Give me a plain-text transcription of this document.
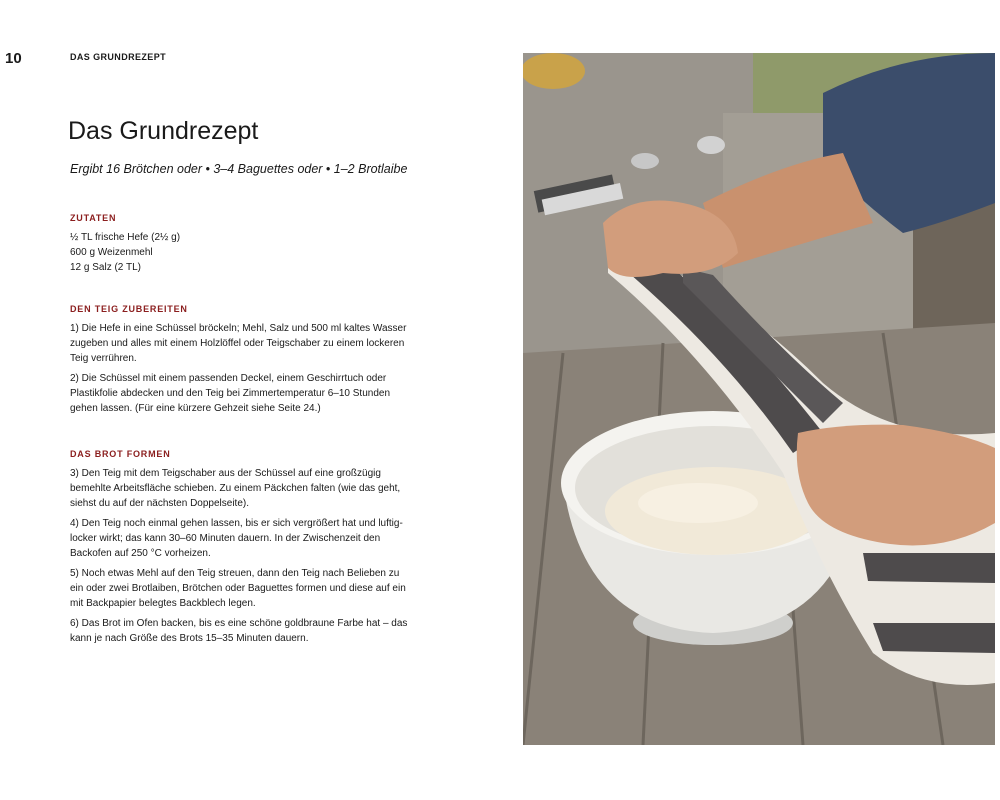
10	DAS GRUNDREZEPT
Das Grundrezept

Ergibt 16 Brötchen oder • 3–4 Baguettes oder • 1–2 Brotlaibe

ZUTATEN
½ TL frische Hefe (2½ g)
600 g Weizenmehl
12 g Salz (2 TL)
DEN TEIG ZUBEREITEN

1) Die Hefe in eine Schüssel bröckeln; Mehl, Salz und 500 ml kaltes Wasser zugeben und alles mit einem Holzlöffel oder Teigschaber zu einem lockeren Teig verrühren.

2) Die Schüssel mit einem passenden Deckel, einem Geschirrtuch oder Plastikfolie abdecken und den Teig bei Zimmertemperatur 6–10 Stunden gehen lassen. (Für eine kürzere Gehzeit siehe Seite 24.)

DAS BROT FORMEN

3) Den Teig mit dem Teigschaber aus der Schüssel auf eine großzügig bemehlte Arbeitsfläche schieben. Zu einem Päckchen falten (wie das geht, siehst du auf der nächsten Doppelseite).

4) Den Teig noch einmal gehen lassen, bis er sich vergrößert hat und luftig-locker wirkt; das kann 30–60 Minuten dauern. In der Zwischenzeit den Backofen auf 250 °C vorheizen.

5) Noch etwas Mehl auf den Teig streuen, dann den Teig nach Belieben zu ein oder zwei Brotlaiben, Brötchen oder Baguettes formen und diese auf ein mit Backpapier belegtes Backblech legen.

6) Das Brot im Ofen backen, bis es eine schöne goldbraune Farbe hat – das kann je nach Größe des Brots 15–35 Minuten dauern.
